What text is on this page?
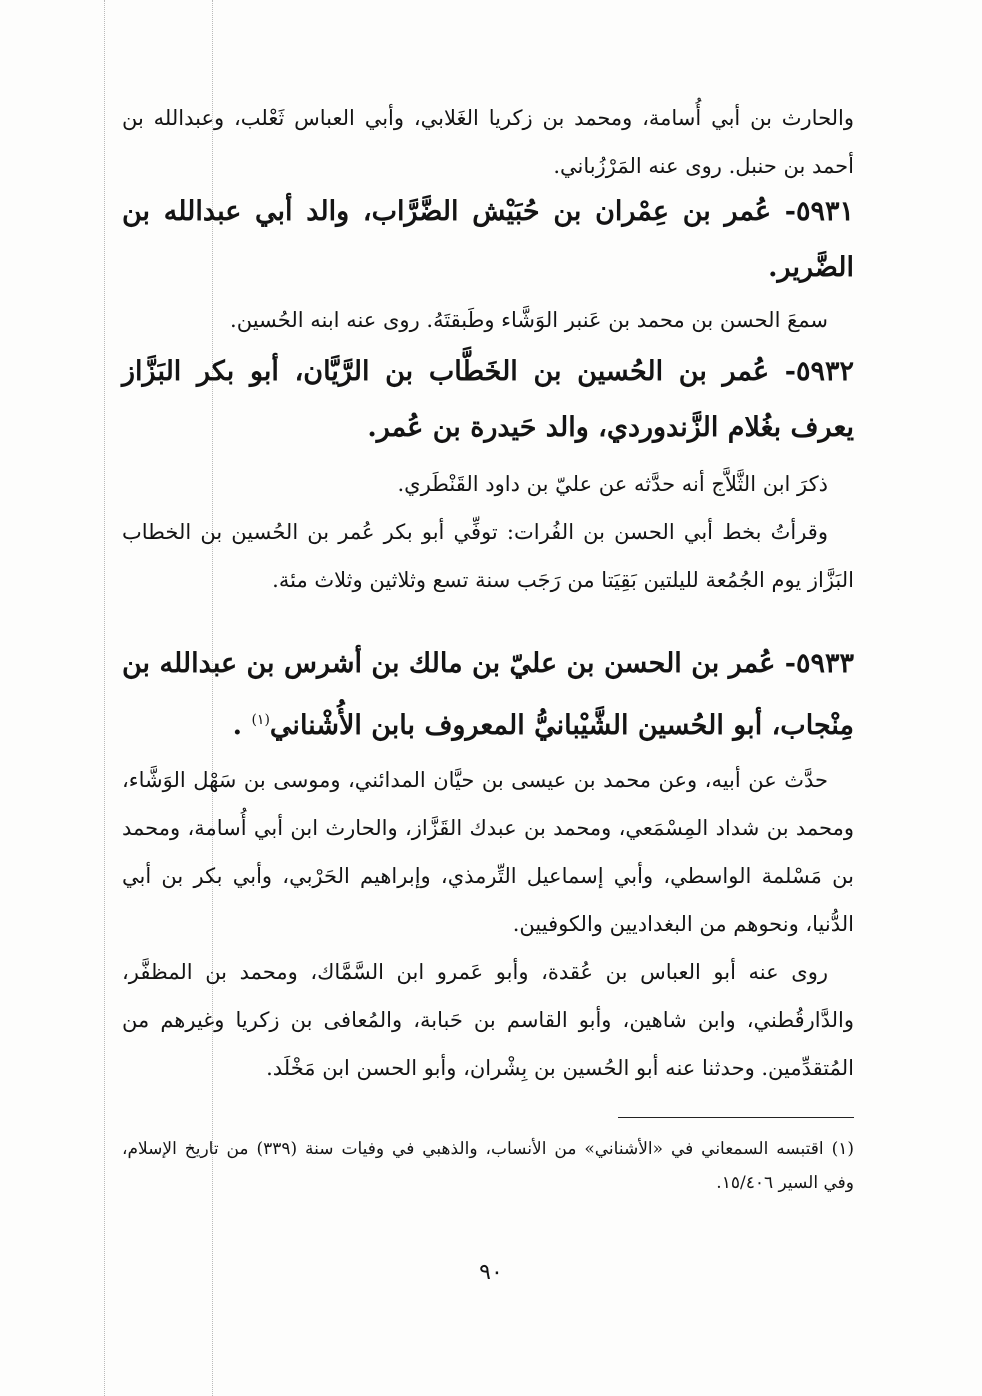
والحارث بن أبي أُسامة، ومحمد بن زكريا الغَلابي، وأبي العباس ثَعْلب، وعبدالله بن أحمد بن حنبل. روى عنه المَرْزُباني.

٥٩٣١- عُمر بن عِمْران بن حُبَيْش الضَّرَّاب، والد أبي عبدالله بن الضَّرير.

سمعَ الحسن بن محمد بن عَنبر الوَشَّاء وطَبقتَهُ. روى عنه ابنه الحُسين.

٥٩٣٢- عُمر بن الحُسين بن الخَطَّاب بن الرَّيَّان، أبو بكر البَزَّاز يعرف بغُلام الزَّندوردي، والد حَيدرة بن عُمر.

ذكرَ ابن الثَّلاَّج أنه حدَّثه عن عليّ بن داود القَنْطَري.

وقرأتُ بخط أبي الحسن بن الفُرات: توفِّي أبو بكر عُمر بن الحُسين بن الخطاب البَزَّاز يوم الجُمُعة لليلتين بَقِيَتا من رَجَب سنة تسع وثلاثين وثلاث مئة.

٥٩٣٣- عُمر بن الحسن بن عليّ بن مالك بن أشرس بن عبدالله بن مِنْجاب، أبو الحُسين الشَّيْبانيُّ المعروف بابن الأُشْناني$^{(١)}$ .

حدَّث عن أبيه، وعن محمد بن عيسى بن حيَّان المدائني، وموسى بن سَهْل الوَشَّاء، ومحمد بن شداد المِسْمَعي، ومحمد بن عبدك القَزَّاز، والحارث ابن أبي أُسامة، ومحمد بن مَسْلمة الواسطي، وأبي إسماعيل التِّرمذي، وإبراهيم الحَرْبي، وأبي بكر بن أبي الدُّنيا، ونحوهم من البغداديين والكوفيين.

روى عنه أبو العباس بن عُقدة، وأبو عَمرو ابن السَّمَّاك، ومحمد بن المظفَّر، والدَّارقُطني، وابن شاهين، وأبو القاسم بن حَبابة، والمُعافى بن زكريا وغيرهم من المُتقدِّمين. وحدثنا عنه أبو الحُسين بن بِشْران، وأبو الحسن ابن مَخْلَد.

(١) اقتبسه السمعاني في «الأشناني» من الأنساب، والذهبي في وفيات سنة (٣٣٩) من تاريخ الإسلام، وفي السير ١٥/٤٠٦.
٩٠
